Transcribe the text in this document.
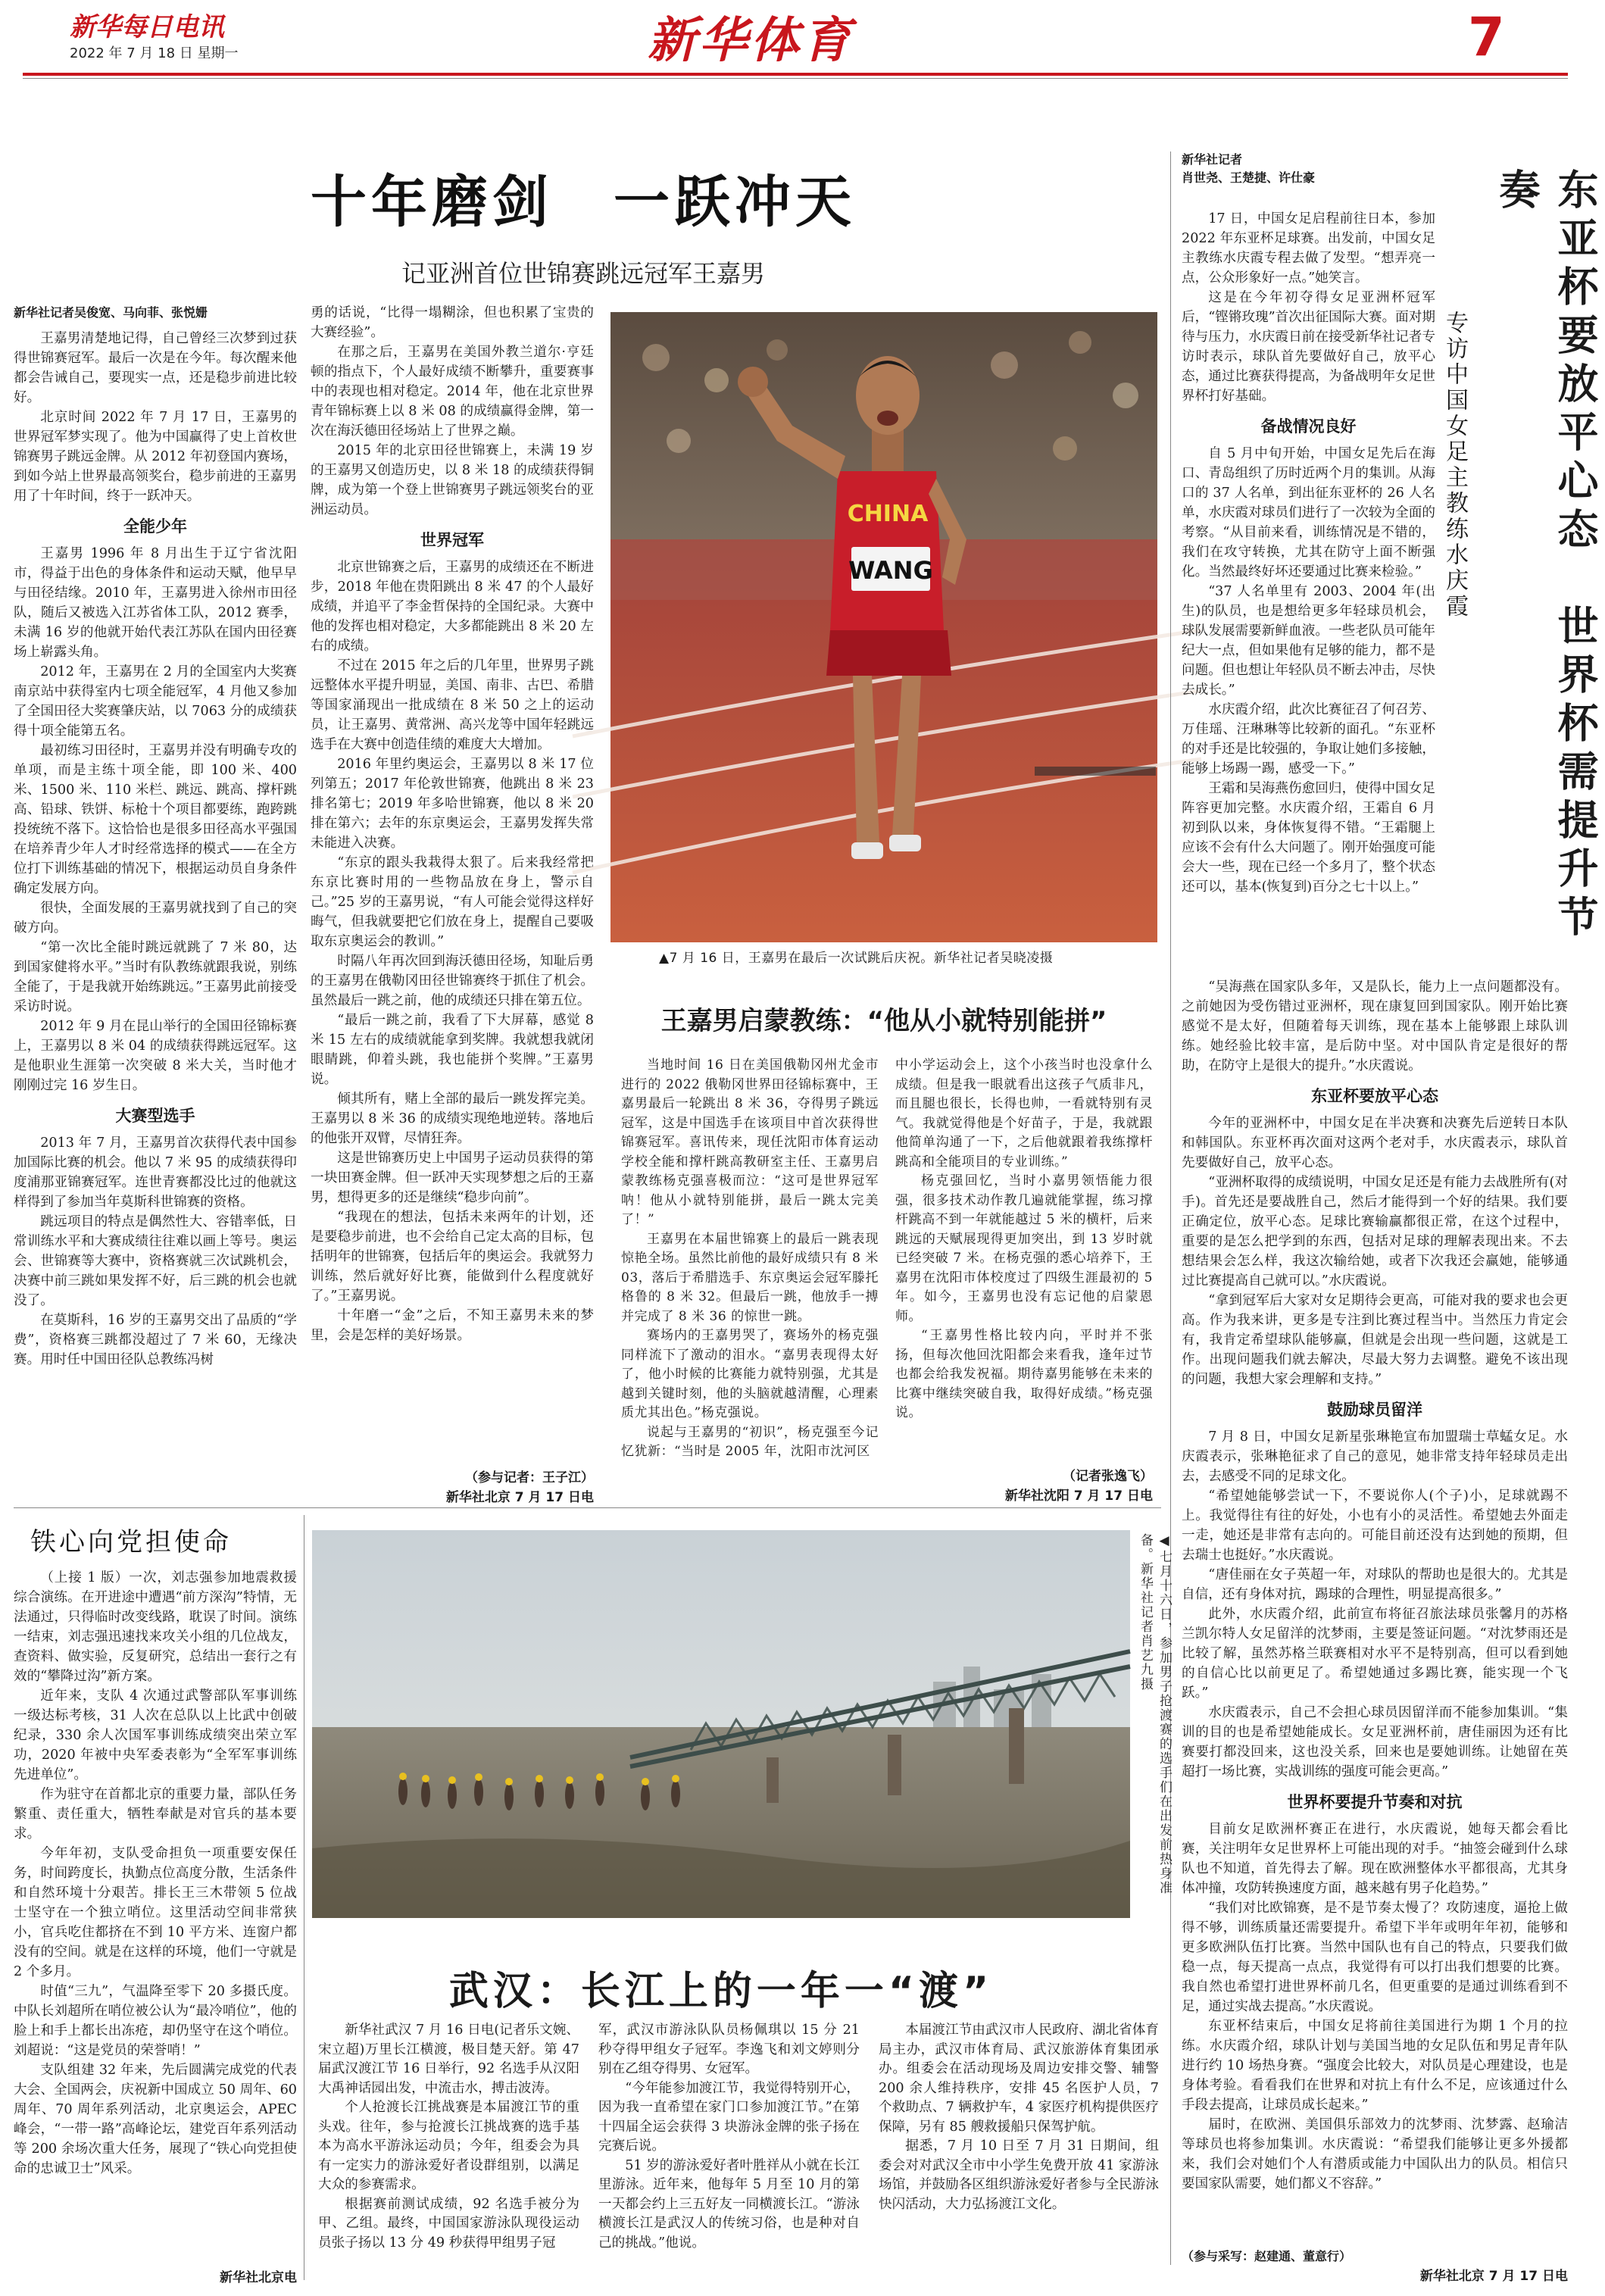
新华每日电讯
2022 年 7 月 18 日 星期一	新华体育	7
十年磨剑　一跃冲天
记亚洲首位世锦赛跳远冠军王嘉男
新华社记者吴俊宽、马向菲、张悦姗

王嘉男清楚地记得，自己曾经三次梦到过获得世锦赛冠军。最后一次是在今年。每次醒来他都会告诫自己，要现实一点，还是稳步前进比较好。

北京时间 2022 年 7 月 17 日，王嘉男的世界冠军梦实现了。他为中国赢得了史上首枚世锦赛男子跳远金牌。从 2012 年初登国内赛场，到如今站上世界最高领奖台，稳步前进的王嘉男用了十年时间，终于一跃冲天。

全能少年

王嘉男 1996 年 8 月出生于辽宁省沈阳市，得益于出色的身体条件和运动天赋，他早早与田径结缘。2010 年，王嘉男进入徐州市田径队，随后又被选入江苏省体工队，2012 赛季，未满 16 岁的他就开始代表江苏队在国内田径赛场上崭露头角。

2012 年，王嘉男在 2 月的全国室内大奖赛南京站中获得室内七项全能冠军，4 月他又参加了全国田径大奖赛肇庆站，以 7063 分的成绩获得十项全能第五名。

最初练习田径时，王嘉男并没有明确专攻的单项，而是主练十项全能，即 100 米、400 米、1500 米、110 米栏、跳远、跳高、撑杆跳高、铅球、铁饼、标枪十个项目都要练，跑跨跳投统统不落下。这恰恰也是很多田径高水平强国在培养青少年人才时经常选择的模式——在全方位打下训练基础的情况下，根据运动员自身条件确定发展方向。

很快，全面发展的王嘉男就找到了自己的突破方向。

“第一次比全能时跳远就跳了 7 米 80，达到国家健将水平。”当时有队教练就跟我说，别练全能了，于是我就开始练跳远。”王嘉男此前接受采访时说。

2012 年 9 月在昆山举行的全国田径锦标赛上，王嘉男以 8 米 04 的成绩获得跳远冠军。这是他职业生涯第一次突破 8 米大关，当时他才刚刚过完 16 岁生日。

大赛型选手

2013 年 7 月，王嘉男首次获得代表中国参加国际比赛的机会。他以 7 米 95 的成绩获得印度浦那亚锦赛冠军。连世青赛都没比过的他就这样得到了参加当年莫斯科世锦赛的资格。

跳远项目的特点是偶然性大、容错率低，日常训练水平和大赛成绩往往难以画上等号。奥运会、世锦赛等大赛中，资格赛就三次试跳机会，决赛中前三跳如果发挥不好，后三跳的机会也就没了。

在莫斯科，16 岁的王嘉男交出了品质的“学费”，资格赛三跳都没超过了 7 米 60，无缘决赛。用时任中国田径队总教练冯树

勇的话说，“比得一塌糊涂，但也积累了宝贵的大赛经验”。

在那之后，王嘉男在美国外教兰道尔·亨廷顿的指点下，个人最好成绩不断攀升，重要赛事中的表现也相对稳定。2014 年，他在北京世界青年锦标赛上以 8 米 08 的成绩赢得金牌，第一次在海沃德田径场站上了世界之巅。

2015 年的北京田径世锦赛上，未满 19 岁的王嘉男又创造历史，以 8 米 18 的成绩获得铜牌，成为第一个登上世锦赛男子跳远领奖台的亚洲运动员。

世界冠军

北京世锦赛之后，王嘉男的成绩还在不断进步，2018 年他在贵阳跳出 8 米 47 的个人最好成绩，并追平了李金哲保持的全国纪录。大赛中他的发挥也相对稳定，大多都能跳出 8 米 20 左右的成绩。

不过在 2015 年之后的几年里，世界男子跳远整体水平提升明显，美国、南非、古巴、希腊等国家涌现出一批成绩在 8 米 50 之上的运动员，让王嘉男、黄常洲、高兴龙等中国年轻跳远选手在大赛中创造佳绩的难度大大增加。

2016 年里约奥运会，王嘉男以 8 米 17 位列第五；2017 年伦敦世锦赛，他跳出 8 米 23 排名第七；2019 年多哈世锦赛，他以 8 米 20 排在第六；去年的东京奥运会，王嘉男发挥失常未能进入决赛。

“东京的跟头我栽得太狠了。后来我经常把东京比赛时用的一些物品放在身上，警示自己。”25 岁的王嘉男说，“有人可能会觉得这样好晦气，但我就要把它们放在身上，提醒自己要吸取东京奥运会的教训。”

时隔八年再次回到海沃德田径场，知耻后勇的王嘉男在俄勒冈田径世锦赛终于抓住了机会。虽然最后一跳之前，他的成绩还只排在第五位。

“最后一跳之前，我看了下大屏幕，感觉 8 米 15 左右的成绩就能拿到奖牌。我就想我就闭眼睛跳，仰着头跳，我也能拼个奖牌。”王嘉男说。

倾其所有，赌上全部的最后一跳发挥完美。王嘉男以 8 米 36 的成绩实现绝地逆转。落地后的他张开双臂，尽情狂奔。

这是世锦赛历史上中国男子运动员获得的第一块田赛金牌。但一跃冲天实现梦想之后的王嘉男，想得更多的还是继续“稳步向前”。

“我现在的想法，包括未来两年的计划，还是要稳步前进，也不会给自己定太高的目标，包括明年的世锦赛，包括后年的奥运会。我就努力训练，然后就好好比赛，能做到什么程度就好了。”王嘉男说。

十年磨一“金”之后，不知王嘉男未来的梦里，会是怎样的美好场景。

（参与记者：王子江）
新华社北京 7 月 17 日电
CHINA
WANG
▲7 月 16 日，王嘉男在最后一次试跳后庆祝。新华社记者吴晓凌摄
王嘉男启蒙教练：“他从小就特别能拼”

当地时间 16 日在美国俄勒冈州尤金市进行的 2022 俄勒冈世界田径锦标赛中，王嘉男最后一轮跳出 8 米 36，夺得男子跳远冠军，这是中国选手在该项目中首次获得世锦赛冠军。喜讯传来，现任沈阳市体育运动学校全能和撑杆跳高教研室主任、王嘉男启蒙教练杨克强喜极而泣：“这可是世界冠军呐！他从小就特别能拼，最后一跳太完美了！”

王嘉男在本届世锦赛上的最后一跳表现惊艳全场。虽然比前他的最好成绩只有 8 米 03，落后于希腊选手、东京奥运会冠军滕托格鲁的 8 米 32。但最后一跳，他放手一搏并完成了 8 米 36 的惊世一跳。

赛场内的王嘉男哭了，赛场外的杨克强同样流下了激动的泪水。“嘉男表现得太好了，他小时候的比赛能力就特别强，尤其是越到关键时刻，他的头脑就越清醒，心理素质尤其出色。”杨克强说。

说起与王嘉男的“初识”，杨克强至今记忆犹新：“当时是 2005 年，沈阳市沈河区

中小学运动会上，这个小孩当时也没拿什么成绩。但是我一眼就看出这孩子气质非凡，而且腿也很长，长得也帅，一看就特别有灵气。我就觉得他是个好苗子，于是，我就跟他简单沟通了一下，之后他就跟着我练撑杆跳高和全能项目的专业训练。”

杨克强回忆，当时小嘉男领悟能力很强，很多技术动作教几遍就能掌握，练习撑杆跳高不到一年就能越过 5 米的横杆，后来跳远的天赋展现得更加突出，到 13 岁时就已经突破 7 米。在杨克强的悉心培养下，王嘉男在沈阳市体校度过了四级生涯最初的 5 年。如今，王嘉男也没有忘记他的启蒙恩师。

“王嘉男性格比较内向，平时并不张扬，但每次他回沈阳都会来看我，逢年过节也都会给我发祝福。期待嘉男能够在未来的比赛中继续突破自我，取得好成绩。”杨克强说。

（记者张逸飞）
新华社沈阳 7 月 17 日电
新华社记者
肖世尧、王楚捷、许仕豪	东亚杯要放平心态　世界杯需提升节奏
专访中国女足主教练水庆霞

17 日，中国女足启程前往日本，参加 2022 年东亚杯足球赛。出发前，中国女足主教练水庆霞专程去做了发型。“想弄亮一点，公众形象好一点。”她笑言。

这是在今年初夺得女足亚洲杯冠军后，“铿锵玫瑰”首次出征国际大赛。面对期待与压力，水庆霞日前在接受新华社记者专访时表示，球队首先要做好自己，放平心态，通过比赛获得提高，为备战明年女足世界杯打好基础。

备战情况良好

自 5 月中旬开始，中国女足先后在海口、青岛组织了历时近两个月的集训。从海口的 37 人名单，到出征东亚杯的 26 人名单，水庆霞对球员们进行了一次较为全面的考察。“从目前来看，训练情况是不错的，我们在攻守转换，尤其在防守上面不断强化。当然最终好坏还要通过比赛来检验。”

“37 人名单里有 2003、2004 年(出生)的队员，也是想给更多年轻球员机会，球队发展需要新鲜血液。一些老队员可能年纪大一点，但如果他有足够的能力，都不是问题。但也想让年轻队员不断去冲击，尽快去成长。”

水庆霞介绍，此次比赛征召了何召芳、万佳瑶、汪琳琳等比较新的面孔。“东亚杯的对手还是比较强的，争取让她们多接触，能够上场踢一踢，感受一下。”

王霜和吴海燕伤愈回归，使得中国女足阵容更加完整。水庆霞介绍，王霜自 6 月初到队以来，身体恢复得不错。“王霜腿上应该不会有什么大问题了。刚开始强度可能会大一些，现在已经一个多月了，整个状态还可以，基本(恢复到)百分之七十以上。”

“吴海燕在国家队多年，又是队长，能力上一点问题都没有。之前她因为受伤错过亚洲杯，现在康复回到国家队。刚开始比赛感觉不是太好，但随着每天训练，现在基本上能够跟上球队训练。她经验比较丰富，是后防中坚。对中国队肯定是很好的帮助，在防守上是很大的提升。”水庆霞说。

东亚杯要放平心态

今年的亚洲杯中，中国女足在半决赛和决赛先后逆转日本队和韩国队。东亚杯再次面对这两个老对手，水庆霞表示，球队首先要做好自己，放平心态。

“亚洲杯取得的成绩说明，中国女足还是有能力去战胜所有(对手)。首先还是要战胜自己，然后才能得到一个好的结果。我们要正确定位，放平心态。足球比赛输赢都很正常，在这个过程中，重要的是怎么把学到的东西，包括对足球的理解表现出来。不去想结果会怎么样，我这次输给她，或者下次我还会赢她，能够通过比赛提高自己就可以。”水庆霞说。

“拿到冠军后大家对女足期待会更高，可能对我的要求也会更高。作为我来讲，更多是专注到比赛过程当中。当然压力肯定会有，我肯定希望球队能够赢，但就是会出现一些问题，这就是工作。出现问题我们就去解决，尽最大努力去调整。避免不该出现的问题，我想大家会理解和支持。”

鼓励球员留洋

7 月 8 日，中国女足新星张琳艳宣布加盟瑞士草蜢女足。水庆霞表示，张琳艳征求了自己的意见，她非常支持年轻球员走出去，去感受不同的足球文化。

“希望她能够尝试一下，不要说你人(个子)小，足球就踢不上。我觉得往有往的好处，小也有小的灵活性。希望她去外面走一走，她还是非常有志向的。可能目前还没有达到她的预期，但去瑞士也挺好。”水庆霞说。

“唐佳丽在女子英超一年，对球队的帮助也是很大的。尤其是自信，还有身体对抗，踢球的合理性，明显提高很多。”

此外，水庆霞介绍，此前宣布将征召旅法球员张馨月的苏格兰凯尔特人女足留洋的沈梦雨，主要是签证问题。“对沈梦雨还是比较了解，虽然苏格兰联赛相对水平不是特别高，但可以看到她的自信心比以前更足了。希望她通过多踢比赛，能实现一个飞跃。”

水庆霞表示，自己不会担心球员因留洋而不能参加集训。“集训的目的也是希望她能成长。女足亚洲杯前，唐佳丽因为还有比赛要打都没回来，这也没关系，回来也是要她训练。让她留在英超打一场比赛，实战训练的强度可能会更高。”

世界杯要提升节奏和对抗

目前女足欧洲杯赛正在进行，水庆霞说，她每天都会看比赛，关注明年女足世界杯上可能出现的对手。“抽签会碰到什么球队也不知道，首先得去了解。现在欧洲整体水平都很高，尤其身体冲撞，攻防转换速度方面，越来越有男子化趋势。”

“我们对比欧锦赛，是不是节奏太慢了？攻防速度，逼抢上做得不够，训练质量还需要提升。希望下半年或明年年初，能够和更多欧洲队伍打比赛。当然中国队也有自己的特点，只要我们做稳一点，每天提高一点点，我觉得有可以打出我们想要的比赛。我自然也希望打进世界杯前几名，但更重要的是通过训练看到不足，通过实战去提高。”水庆霞说。

东亚杯结束后，中国女足将前往美国进行为期 1 个月的拉练。水庆霞介绍，球队计划与美国当地的女足队伍和男足青年队进行约 10 场热身赛。“强度会比较大，对队员是心理建设，也是身体考验。看看我们在世界和对抗上有什么不足，应该通过什么手段去提高，让球员成长起来。”

届时，在欧洲、美国俱乐部效力的沈梦雨、沈梦露、赵瑜洁等球员也将参加集训。水庆霞说：“希望我们能够让更多外援都来，我们会对她们个人有潜质或能力中国队出力的队员。相信只要国家队需要，她们都义不容辞。”

（参与采写：赵建通、董意行）
新华社北京 7 月 17 日电
铁心向党担使命

（上接 1 版）一次，刘志强参加地震救援综合演练。在开进途中遭遇“前方深沟”特情，无法通过，只得临时改变线路，耽误了时间。演练一结束，刘志强迅速找来攻关小组的几位战友，查资料、做实验，反复研究，总结出一套行之有效的“攀降过沟”新方案。

近年来，支队 4 次通过武警部队军事训练一级达标考核，31 人次在总队以上比武中创破纪录，330 余人次国军事训练成绩突出荣立军功，2020 年被中央军委表彰为“全军军事训练先进单位”。

作为驻守在首都北京的重要力量，部队任务繁重、责任重大，牺牲奉献是对官兵的基本要求。

今年年初，支队受命担负一项重要安保任务，时间跨度长，执勤点位高度分散，生活条件和自然环境十分艰苦。排长王三木带领 5 位战士坚守在一个独立哨位。这里活动空间非常狭小，官兵吃住都挤在不到 10 平方米、连窗户都没有的空间。就是在这样的环境，他们一守就是 2 个多月。

时值“三九”，气温降至零下 20 多摄氏度。中队长刘超所在哨位被公认为“最冷哨位”，他的脸上和手上都长出冻疮，却仍坚守在这个哨位。刘超说：“这是党员的荣誉哨！”

支队组建 32 年来，先后圆满完成党的代表大会、全国两会，庆祝新中国成立 50 周年、60 周年、70 周年系列活动，北京奥运会，APEC 峰会，“一带一路”高峰论坛，建党百年系列活动等 200 余场次重大任务，展现了“铁心向党担使命的忠诚卫士”风采。

新华社北京电
◀七月十六日，参加男子抢渡赛的选手们在出发前热身准备。新华社记者肖艺九摄
武汉：长江上的一年一“渡”

新华社武汉 7 月 16 日电(记者乐文婉、宋立超)万里长江横渡，极目楚天舒。第 47 届武汉渡江节 16 日举行，92 名选手从汉阳大禹神话园出发，中流击水，搏击波涛。

个人抢渡长江挑战赛是本届渡江节的重头戏。往年，参与抢渡长江挑战赛的选手基本为高水平游泳运动员；今年，组委会为具有一定实力的游泳爱好者设群组别，以满足大众的参赛需求。

根据赛前测试成绩，92 名选手被分为甲、乙组。最终，中国国家游泳队现役运动员张子扬以 13 分 49 秒获得甲组男子冠

军，武汉市游泳队队员杨佩琪以 15 分 21 秒夺得甲组女子冠军。李逸飞和刘文婷则分别在乙组夺得男、女冠军。

“今年能参加渡江节，我觉得特别开心，因为我一直希望在家门口参加渡江节。”在第十四届全运会获得 3 块游泳金牌的张子扬在完赛后说。

51 岁的游泳爱好者叶胜祥从小就在长江里游泳。近年来，他每年 5 月至 10 月的第一天都会约上三五好友一同横渡长江。“游泳横渡长江是武汉人的传统习俗，也是种对自己的挑战。”他说。

本届渡江节由武汉市人民政府、湖北省体育局主办，武汉市体育局、武汉旅游体育集团承办。组委会在活动现场及周边安排交警、辅警 200 余人维持秩序，安排 45 名医护人员，7 个救助点、7 辆救护车，4 家医疗机构提供医疗保障，另有 85 艘救援船只保驾护航。

据悉，7 月 10 日至 7 月 31 日期间，组委会对对武汉全市中小学生免费开放 41 家游泳场馆，并鼓励各区组织游泳爱好者参与全民游泳快闪活动，大力弘扬渡江文化。
